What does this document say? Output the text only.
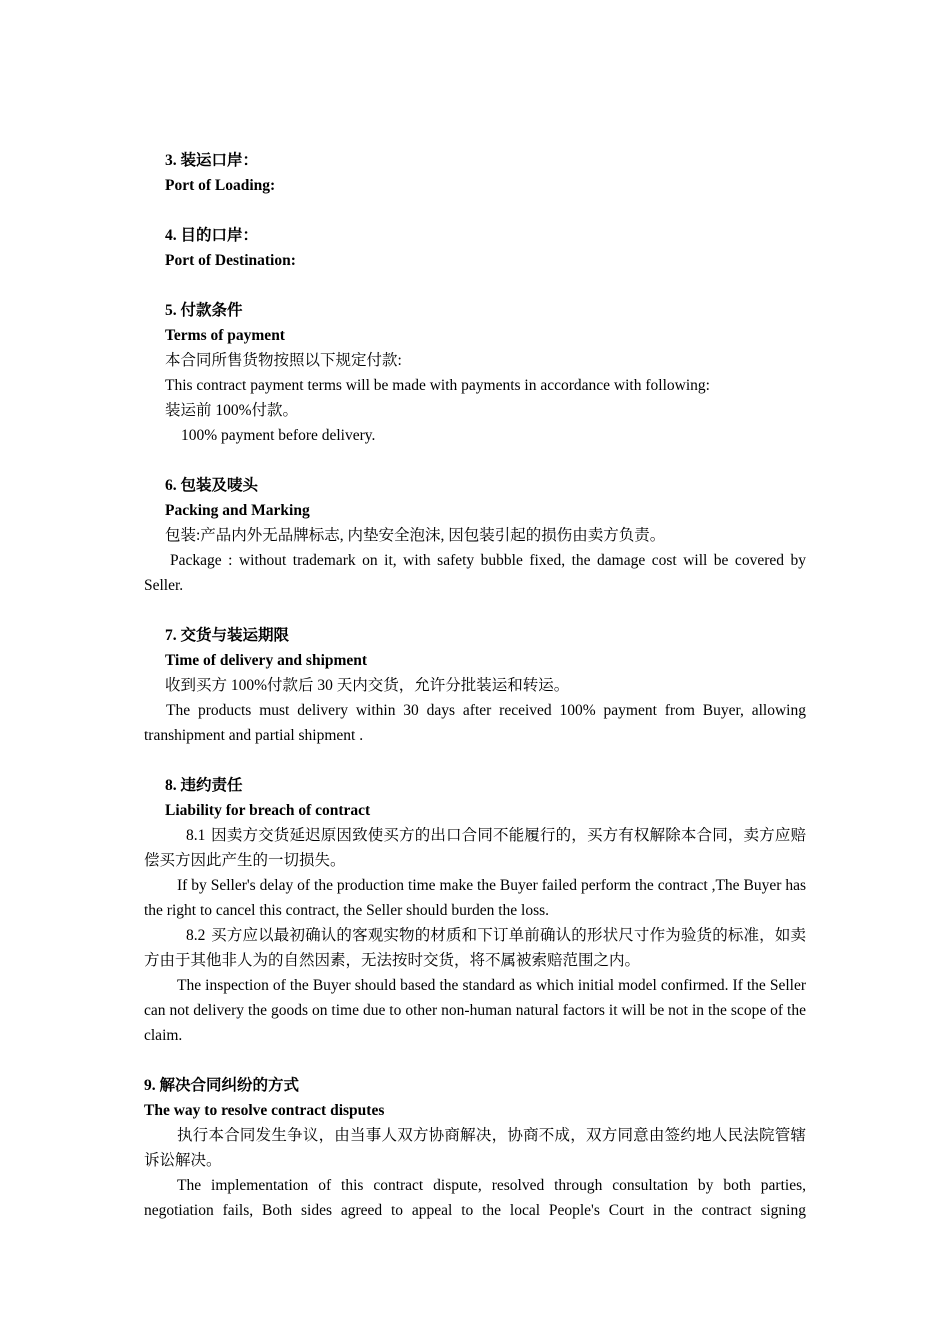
3. 装运口岸：
Port of Loading:
4. 目的口岸：
Port of Destination:
5. 付款条件
Terms of payment
本合同所售货物按照以下规定付款:
This contract payment terms will be made with payments in accordance with following:
装运前 100%付款。
100% payment before delivery.
6. 包装及唛头
Packing and Marking
包装:产品内外无品牌标志, 内垫安全泡沫, 因包装引起的损伤由卖方负责。

Package : without trademark on it, with safety bubble fixed, the damage cost will be covered by Seller.

7. 交货与装运期限
Time of delivery and shipment
收到买方 100%付款后 30 天内交货，允许分批装运和转运。

The products must delivery within 30 days after received 100% payment from Buyer, allowing transhipment and partial shipment .

8. 违约责任
Liability for breach of contract

8.1 因卖方交货延迟原因致使买方的出口合同不能履行的，买方有权解除本合同，卖方应赔偿买方因此产生的一切损失。

If by Seller's delay of the production time make the Buyer failed perform the contract ,The Buyer has the right to cancel this contract, the Seller should burden the loss.

8.2 买方应以最初确认的客观实物的材质和下订单前确认的形状尺寸作为验货的标准，如卖方由于其他非人为的自然因素，无法按时交货，将不属被索赔范围之内。

The inspection of the Buyer should based the standard as which initial model confirmed. If the Seller can not delivery the goods on time due to other non-human natural factors it will be not in the scope of the claim.

9. 解决合同纠纷的方式
The way to resolve contract disputes

执行本合同发生争议，由当事人双方协商解决，协商不成，双方同意由签约地人民法院管辖诉讼解决。

The implementation of this contract dispute, resolved through consultation by both parties, negotiation fails, Both sides agreed to appeal to the local People's Court in the contract signing
